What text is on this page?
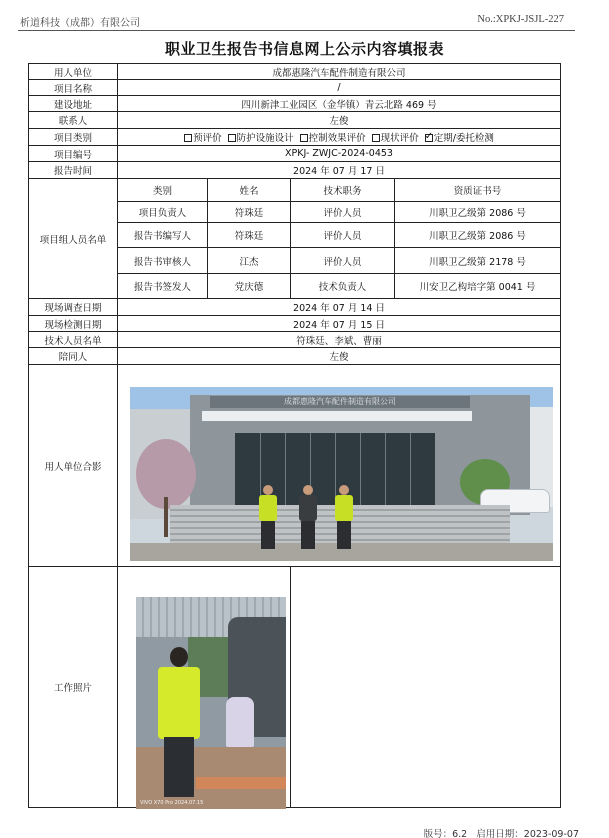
析道科技（成都）有限公司	No.:XPKJ-JSJL-227
职业卫生报告书信息网上公示内容填报表
用人单位	成都惠隆汽车配件制造有限公司			
项目名称	/			
建设地址	四川新津工业园区（金华镇）青云北路 469 号			
联系人	左俊			
项目类别	预评价 防护设施设计 控制效果评价 现状评价 ✓ 定期/委托检测
项目编号	XPKJ- ZWJC-2024-0453			
报告时间	2024 年 07 月 17 日			
项目组人员名单	类别	姓名	技术职务	资质证书号
	项目负责人	符珠廷	评价人员	川职卫乙级第 2086 号
	报告书编写人	符珠廷	评价人员	川职卫乙级第 2086 号
	报告书审核人	江杰	评价人员	川职卫乙级第 2178 号
	报告书签发人	党庆德	技术负责人	川安卫乙构培字第 0041 号
现场调查日期	2024 年 07 月 14 日			
现场检测日期	2024 年 07 月 15 日			
技术人员名单	符珠廷、李斌、曹丽			
陪同人	左俊			
用人单位合影				
工作照片				
成都惠隆汽车配件制造有限公司
VIVO X70 Pro 2024.07.15
版号：6.2 启用日期：2023-09-07
